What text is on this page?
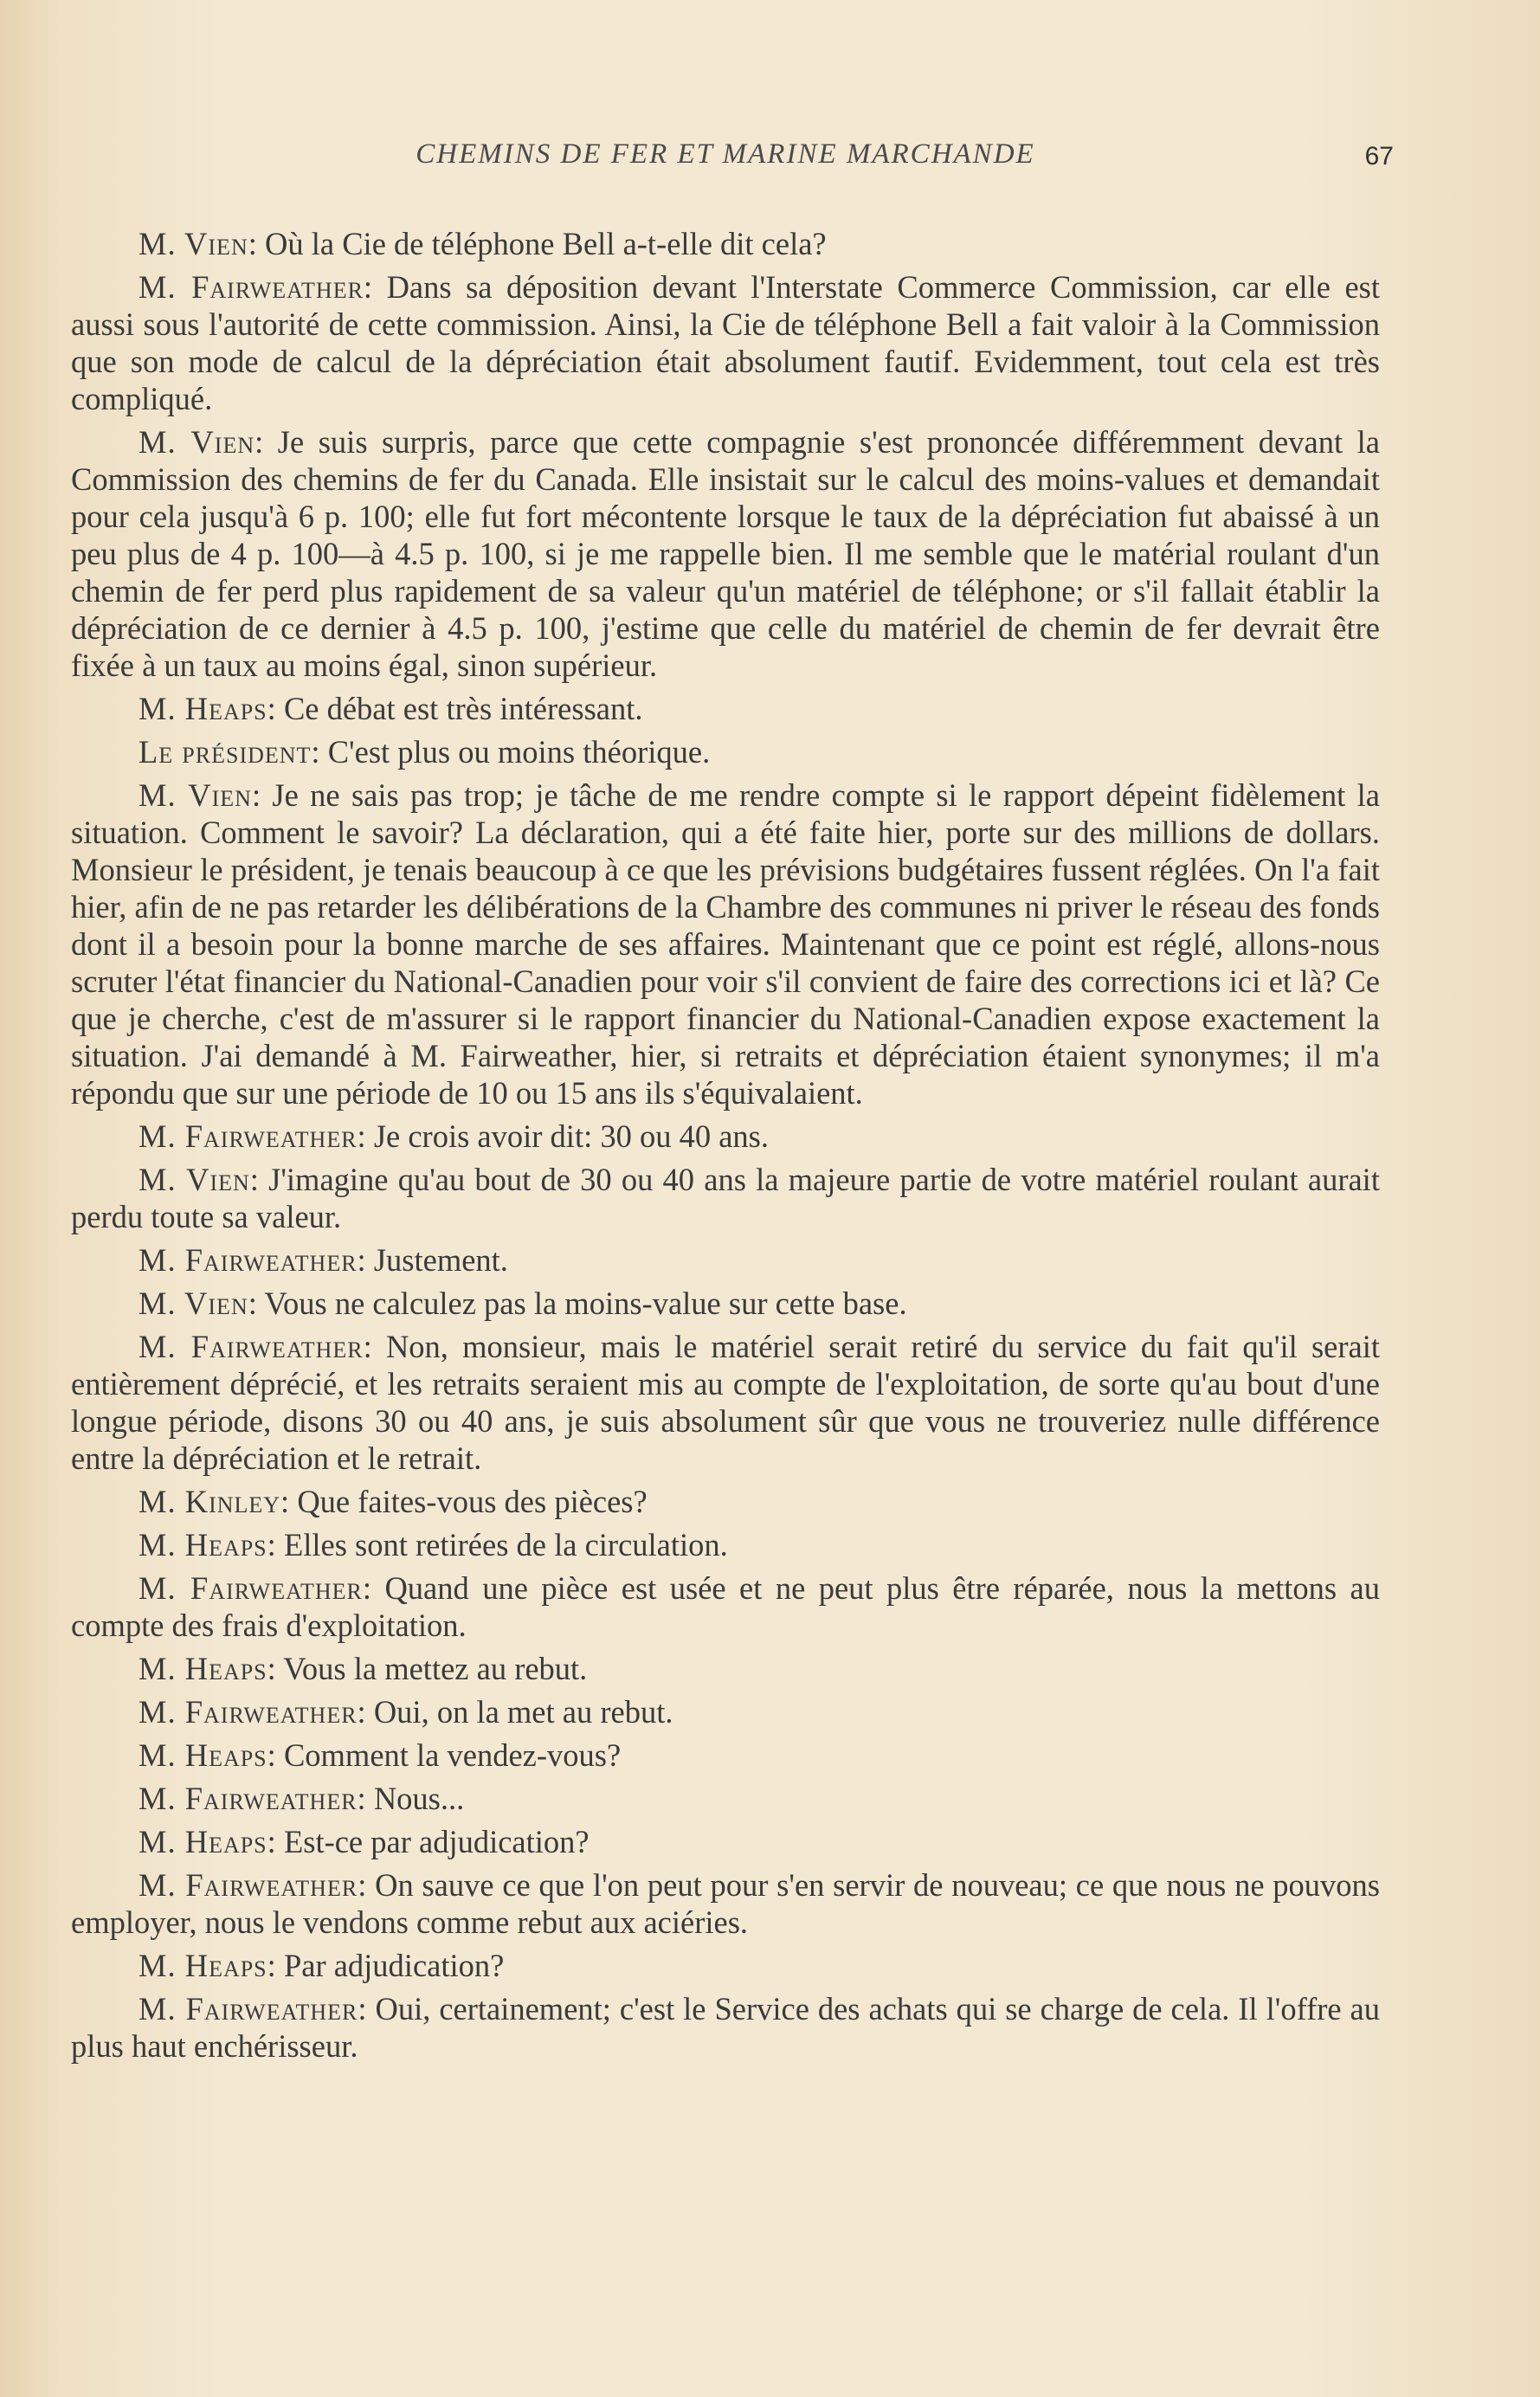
CHEMINS DE FER ET MARINE MARCHANDE	67

M. Vien: Où la Cie de téléphone Bell a-t-elle dit cela?

M. Fairweather: Dans sa déposition devant l'Interstate Commerce Commission, car elle est aussi sous l'autorité de cette commission. Ainsi, la Cie de téléphone Bell a fait valoir à la Commission que son mode de calcul de la dépréciation était absolument fautif. Evidemment, tout cela est très compliqué.

M. Vien: Je suis surpris, parce que cette compagnie s'est prononcée différemment devant la Commission des chemins de fer du Canada. Elle insistait sur le calcul des moins-values et demandait pour cela jusqu'à 6 p. 100; elle fut fort mécontente lorsque le taux de la dépréciation fut abaissé à un peu plus de 4 p. 100—à 4.5 p. 100, si je me rappelle bien. Il me semble que le matérial roulant d'un chemin de fer perd plus rapidement de sa valeur qu'un matériel de téléphone; or s'il fallait établir la dépréciation de ce dernier à 4.5 p. 100, j'estime que celle du matériel de chemin de fer devrait être fixée à un taux au moins égal, sinon supérieur.

M. Heaps: Ce débat est très intéressant.

Le président: C'est plus ou moins théorique.

M. Vien: Je ne sais pas trop; je tâche de me rendre compte si le rapport dépeint fidèlement la situation. Comment le savoir? La déclaration, qui a été faite hier, porte sur des millions de dollars. Monsieur le président, je tenais beaucoup à ce que les prévisions budgétaires fussent réglées. On l'a fait hier, afin de ne pas retarder les délibérations de la Chambre des communes ni priver le réseau des fonds dont il a besoin pour la bonne marche de ses affaires. Maintenant que ce point est réglé, allons-nous scruter l'état financier du National-Canadien pour voir s'il convient de faire des corrections ici et là? Ce que je cherche, c'est de m'assurer si le rapport financier du National-Canadien expose exactement la situation. J'ai demandé à M. Fairweather, hier, si retraits et dépréciation étaient synonymes; il m'a répondu que sur une période de 10 ou 15 ans ils s'équivalaient.

M. Fairweather: Je crois avoir dit: 30 ou 40 ans.

M. Vien: J'imagine qu'au bout de 30 ou 40 ans la majeure partie de votre matériel roulant aurait perdu toute sa valeur.

M. Fairweather: Justement.

M. Vien: Vous ne calculez pas la moins-value sur cette base.

M. Fairweather: Non, monsieur, mais le matériel serait retiré du service du fait qu'il serait entièrement déprécié, et les retraits seraient mis au compte de l'exploitation, de sorte qu'au bout d'une longue période, disons 30 ou 40 ans, je suis absolument sûr que vous ne trouveriez nulle différence entre la dépréciation et le retrait.

M. Kinley: Que faites-vous des pièces?

M. Heaps: Elles sont retirées de la circulation.

M. Fairweather: Quand une pièce est usée et ne peut plus être réparée, nous la mettons au compte des frais d'exploitation.

M. Heaps: Vous la mettez au rebut.

M. Fairweather: Oui, on la met au rebut.

M. Heaps: Comment la vendez-vous?

M. Fairweather: Nous...

M. Heaps: Est-ce par adjudication?

M. Fairweather: On sauve ce que l'on peut pour s'en servir de nouveau; ce que nous ne pouvons employer, nous le vendons comme rebut aux aciéries.

M. Heaps: Par adjudication?

M. Fairweather: Oui, certainement; c'est le Service des achats qui se charge de cela. Il l'offre au plus haut enchérisseur.
